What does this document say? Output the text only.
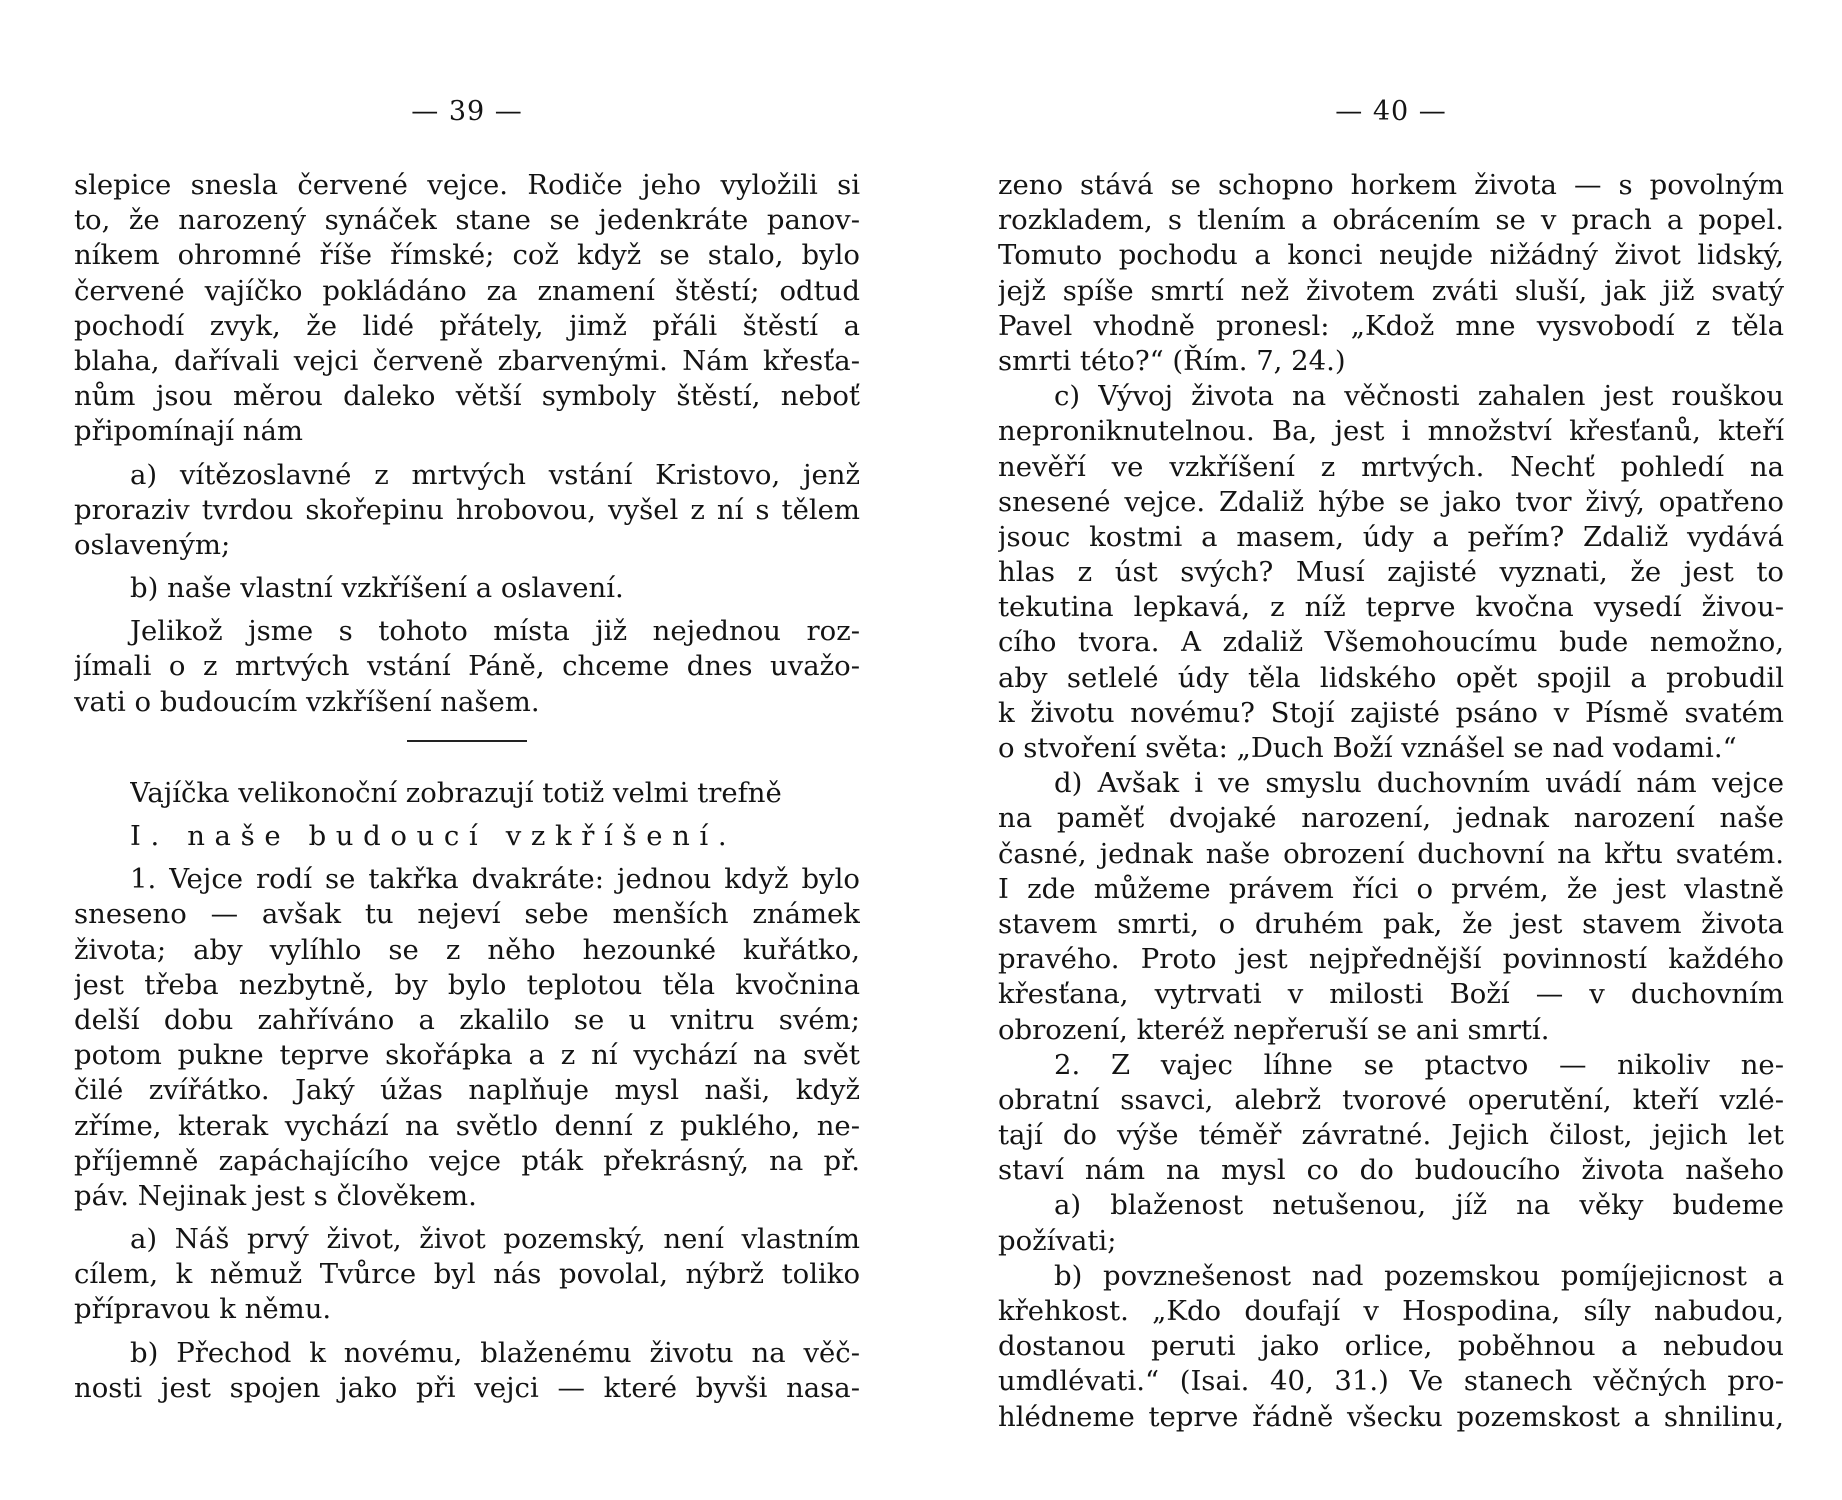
— 39 —
slepice snesla červené vejce. Rodiče jeho vyložili si
to, že narozený synáček stane se jedenkráte panov-
níkem ohromné říše římské; což když se stalo, bylo
červené vajíčko pokládáno za znamení štěstí; odtud
pochodí zvyk, že lidé přátely, jimž přáli štěstí a
blaha, dařívali vejci červeně zbarvenými. Nám křesťa-
nům jsou měrou daleko větší symboly štěstí, neboť
připomínají nám
a) vítězoslavné z mrtvých vstání Kristovo, jenž
proraziv tvrdou skořepinu hrobovou, vyšel z ní s tělem
oslaveným;
b) naše vlastní vzkříšení a oslavení.
Jelikož jsme s tohoto místa již nejednou roz-
jímali o z mrtvých vstání Páně, chceme dnes uvažo-
vati o budoucím vzkříšení našem.
Vajíčka velikonoční zobrazují totiž velmi trefně
I. naše budoucí vzkříšení.
1. Vejce rodí se takřka dvakráte: jednou když bylo
sneseno — avšak tu nejeví sebe menších známek
života; aby vylíhlo se z něho hezounké kuřátko,
jest třeba nezbytně, by bylo teplotou těla kvočnina
delší dobu zahříváno a zkalilo se u vnitru svém;
potom pukne teprve skořápka a z ní vychází na svět
čilé zvířátko. Jaký úžas naplňuje mysl naši, když
zříme, kterak vychází na světlo denní z puklého, ne-
příjemně zapáchajícího vejce pták překrásný, na př.
páv. Nejinak jest s člověkem.
a) Náš prvý život, život pozemský, není vlastním
cílem, k němuž Tvůrce byl nás povolal, nýbrž toliko
přípravou k němu.
b) Přechod k novému, blaženému životu na věč-
nosti jest spojen jako při vejci — které byvši nasa-
— 40 —
zeno stává se schopno horkem života — s povolným
rozkladem, s tlením a obrácením se v prach a popel.
Tomuto pochodu a konci neujde nižádný život lidský,
jejž spíše smrtí než životem zváti sluší, jak již svatý
Pavel vhodně pronesl: „Kdož mne vysvobodí z těla
smrti této?“ (Řím. 7, 24.)
c) Vývoj života na věčnosti zahalen jest rouškou
neproniknutelnou. Ba, jest i množství křesťanů, kteří
nevěří ve vzkříšení z mrtvých. Nechť pohledí na
snesené vejce. Zdaliž hýbe se jako tvor živý, opatřeno
jsouc kostmi a masem, údy a peřím? Zdaliž vydává
hlas z úst svých? Musí zajisté vyznati, že jest to
tekutina lepkavá, z níž teprve kvočna vysedí živou-
cího tvora. A zdaliž Všemohoucímu bude nemožno,
aby setlelé údy těla lidského opět spojil a probudil
k životu novému? Stojí zajisté psáno v Písmě svatém
o stvoření světa: „Duch Boží vznášel se nad vodami.“
d) Avšak i ve smyslu duchovním uvádí nám vejce
na paměť dvojaké narození, jednak narození naše
časné, jednak naše obrození duchovní na křtu svatém.
I zde můžeme právem říci o prvém, že jest vlastně
stavem smrti, o druhém pak, že jest stavem života
pravého. Proto jest nejpřednější povinností každého
křesťana, vytrvati v milosti Boží — v duchovním
obrození, kteréž nepřeruší se ani smrtí.
2. Z vajec líhne se ptactvo — nikoliv ne-
obratní ssavci, alebrž tvorové operutění, kteří vzlé-
tají do výše téměř závratné. Jejich čilost, jejich let
staví nám na mysl co do budoucího života našeho
a) blaženost netušenou, jíž na věky budeme
požívati;
b) povznešenost nad pozemskou pomíjejicnost a
křehkost. „Kdo doufají v Hospodina, síly nabudou,
dostanou peruti jako orlice, poběhnou a nebudou
umdlévati.“ (Isai. 40, 31.) Ve stanech věčných pro-
hlédneme teprve řádně všecku pozemskost a shnilinu,
